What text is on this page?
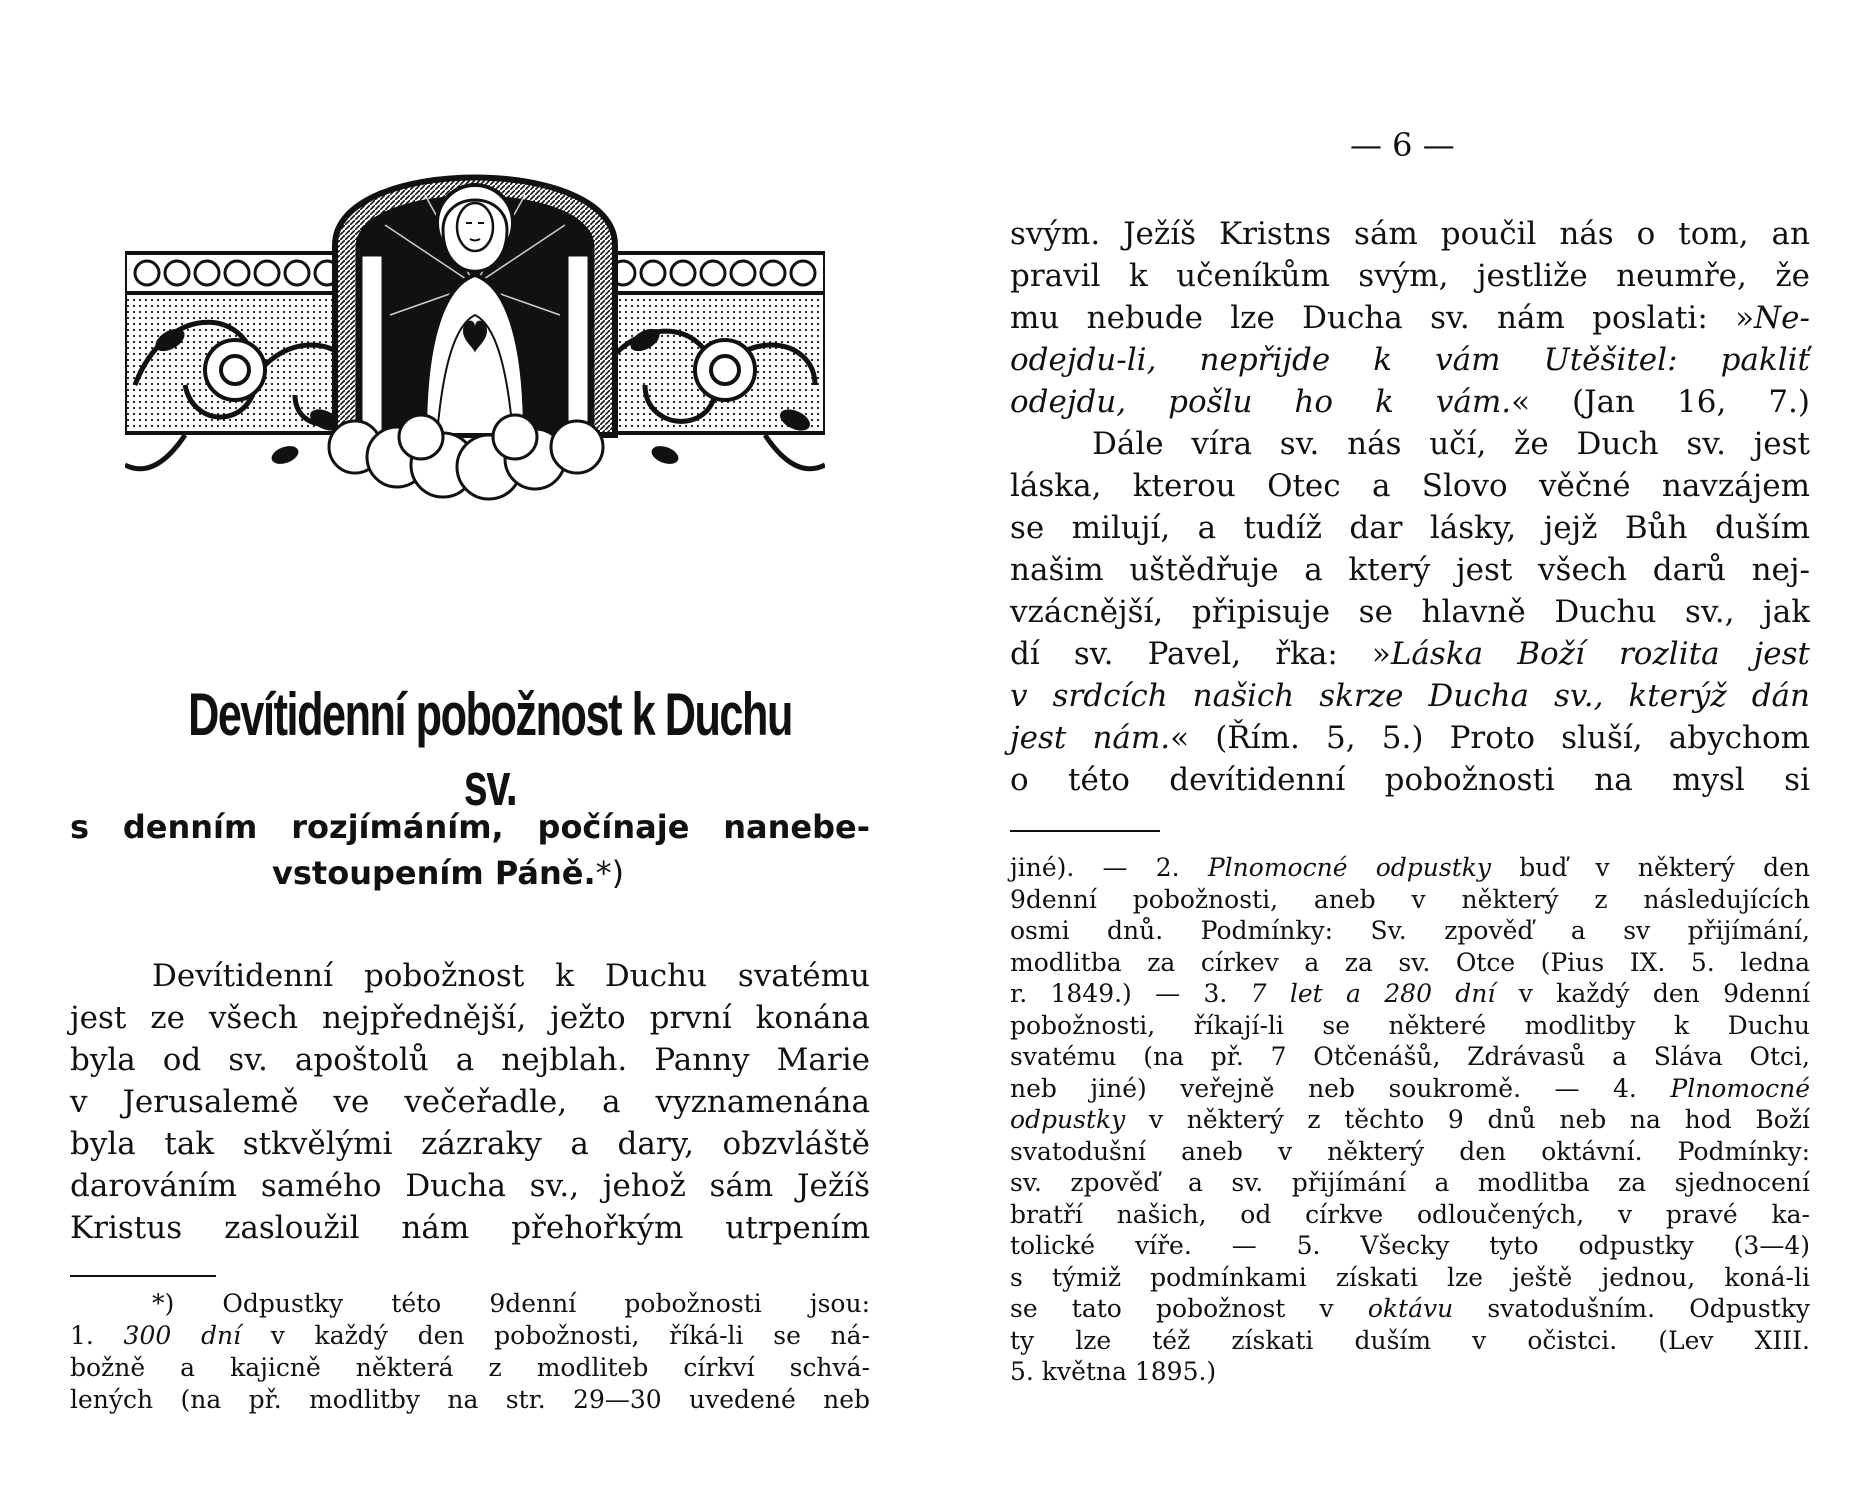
Devítidenní pobožnost k Duchu sv.
s denním rozjímáním, počínaje nanebe-
vstoupením Páně.*)
Devítidenní pobožnost k Duchu svatému
jest ze všech nejpřednější, ježto první konána
byla od sv. apoštolů a nejblah. Panny Marie
v Jerusalemě ve večeřadle, a vyznamenána
byla tak stkvělými zázraky a dary, obzvláště
darováním samého Ducha sv., jehož sám Ježíš
Kristus zasloužil nám přehořkým utrpením
*) Odpustky této 9denní pobožnosti jsou:
1. 300 dní v každý den pobožnosti, říká-li se ná-
božně a kajicně některá z modliteb církví schvá-
lených (na př. modlitby na str. 29—30 uvedené neb
— 6 —
svým. Ježíš Kristns sám poučil nás o tom, an
pravil k učeníkům svým, jestliže neumře, že
mu nebude lze Ducha sv. nám poslati: »Ne-
odejdu-li, nepřijde k vám Utěšitel: pakliť
odejdu, pošlu ho k vám.« (Jan 16, 7.)
Dále víra sv. nás učí, že Duch sv. jest
láska, kterou Otec a Slovo věčné navzájem
se milují, a tudíž dar lásky, jejž Bůh duším
našim uštědřuje a který jest všech darů nej-
vzácnější, připisuje se hlavně Duchu sv., jak
dí sv. Pavel, řka: »Láska Boží rozlita jest
v srdcích našich skrze Ducha sv., kterýž dán
jest nám.« (Řím. 5, 5.) Proto sluší, abychom
o této devítidenní pobožnosti na mysl si
jiné). — 2. Plnomocné odpustky buď v některý den
9denní pobožnosti, aneb v některý z následujících
osmi dnů. Podmínky: Sv. zpověď a sv přijímání,
modlitba za církev a za sv. Otce (Pius IX. 5. ledna
r. 1849.) — 3. 7 let a 280 dní v každý den 9denní
pobožnosti, říkají-li se některé modlitby k Duchu
svatému (na př. 7 Otčenášů, Zdrávasů a Sláva Otci,
neb jiné) veřejně neb soukromě. — 4. Plnomocné
odpustky v některý z těchto 9 dnů neb na hod Boží
svatodušní aneb v některý den oktávní. Podmínky:
sv. zpověď a sv. přijímání a modlitba za sjednocení
bratří našich, od církve odloučených, v pravé ka-
tolické víře. — 5. Všecky tyto odpustky (3—4)
s týmiž podmínkami získati lze ještě jednou, koná-li
se tato pobožnost v oktávu svatodušním. Odpustky
ty lze též získati duším v očistci. (Lev XIII.
5. května 1895.)
